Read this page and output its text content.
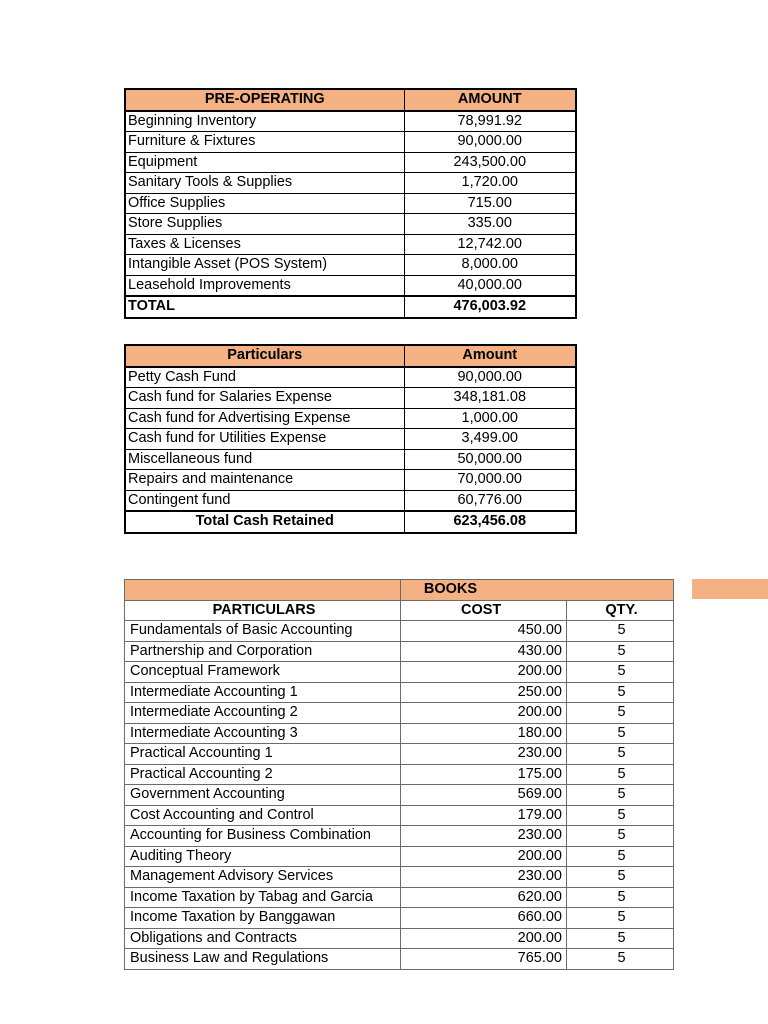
PRE-OPERATING	AMOUNT
Beginning Inventory	78,991.92
Furniture & Fixtures	90,000.00
Equipment	243,500.00
Sanitary Tools & Supplies	1,720.00
Office Supplies	715.00
Store Supplies	335.00
Taxes & Licenses	12,742.00
Intangible Asset (POS System)	8,000.00
Leasehold Improvements	40,000.00
TOTAL	476,003.92
Particulars	Amount
Petty Cash Fund	90,000.00
Cash fund for Salaries Expense	348,181.08
Cash fund for Advertising Expense	1,000.00
Cash fund for Utilities Expense	3,499.00
Miscellaneous fund	50,000.00
Repairs and maintenance	70,000.00
Contingent fund	60,776.00
Total Cash Retained	623,456.08
	BOOKS	
PARTICULARS	COST	QTY.
Fundamentals of Basic Accounting	450.00	5
Partnership and Corporation	430.00	5
Conceptual Framework	200.00	5
Intermediate Accounting 1	250.00	5
Intermediate Accounting 2	200.00	5
Intermediate Accounting 3	180.00	5
Practical Accounting 1	230.00	5
Practical Accounting 2	175.00	5
Government Accounting	569.00	5
Cost Accounting and Control	179.00	5
Accounting for Business Combination	230.00	5
Auditing Theory	200.00	5
Management Advisory Services	230.00	5
Income Taxation by Tabag and Garcia	620.00	5
Income Taxation by Banggawan	660.00	5
Obligations and Contracts	200.00	5
Business Law and Regulations	765.00	5
